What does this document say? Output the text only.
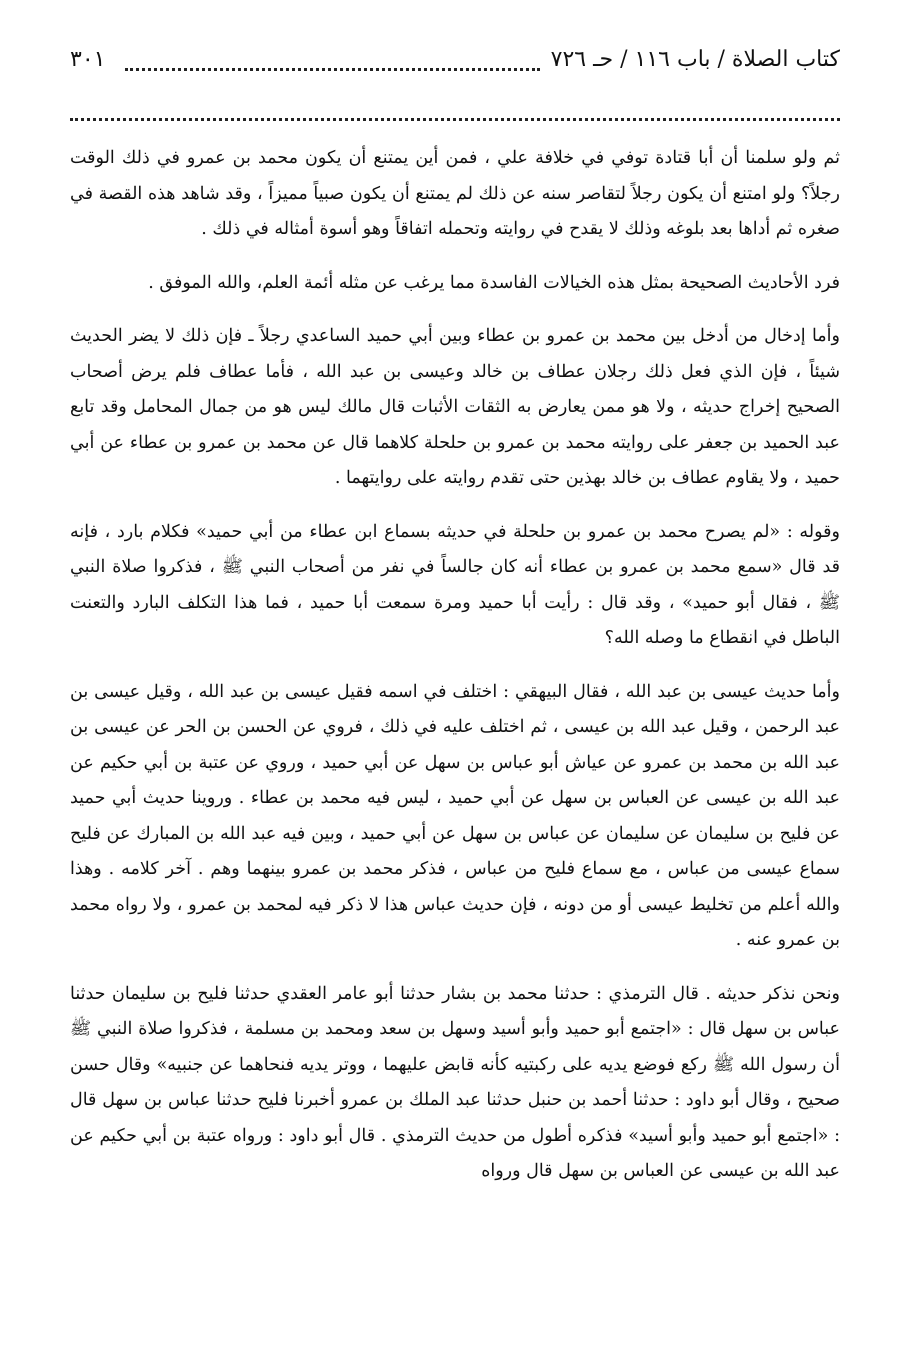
كتاب الصلاة / باب ١١٦ / حـ ٧٢٦
٣٠١

ثم ولو سلمنا أن أبا قتادة توفي في خلافة علي ، فمن أين يمتنع أن يكون محمد بن عمرو في ذلك الوقت رجلاً؟ ولو امتنع أن يكون رجلاً لتقاصر سنه عن ذلك لم يمتنع أن يكون صبياً مميزاً ، وقد شاهد هذه القصة في صغره ثم أداها بعد بلوغه وذلك لا يقدح في روايته وتحمله اتفاقاً وهو أسوة أمثاله في ذلك .

فرد الأحاديث الصحيحة بمثل هذه الخيالات الفاسدة مما يرغب عن مثله أئمة العلم، والله الموفق .

وأما إدخال من أدخل بين محمد بن عمرو بن عطاء وبين أبي حميد الساعدي رجلاً ـ فإن ذلك لا يضر الحديث شيئاً ، فإن الذي فعل ذلك رجلان عطاف بن خالد وعيسى بن عبد الله ، فأما عطاف فلم يرض أصحاب الصحيح إخراج حديثه ، ولا هو ممن يعارض به الثقات الأثبات قال مالك ليس هو من جمال المحامل وقد تابع عبد الحميد بن جعفر على روايته محمد بن عمرو بن حلحلة كلاهما قال عن محمد بن عمرو بن عطاء عن أبي حميد ، ولا يقاوم عطاف بن خالد بهذين حتى تقدم روايته على روايتهما .

وقوله : «لم يصرح محمد بن عمرو بن حلحلة في حديثه بسماع ابن عطاء من أبي حميد» فكلام بارد ، فإنه قد قال «سمع محمد بن عمرو بن عطاء أنه كان جالساً في نفر من أصحاب النبي ﷺ ، فذكروا صلاة النبي ﷺ ، فقال أبو حميد» ، وقد قال : رأيت أبا حميد ومرة سمعت أبا حميد ، فما هذا التكلف البارد والتعنت الباطل في انقطاع ما وصله الله؟

وأما حديث عيسى بن عبد الله ، فقال البيهقي : اختلف في اسمه فقيل عيسى بن عبد الله ، وقيل عيسى بن عبد الرحمن ، وقيل عبد الله بن عيسى ، ثم اختلف عليه في ذلك ، فروي عن الحسن بن الحر عن عيسى بن عبد الله بن محمد بن عمرو عن عياش أبو عباس بن سهل عن أبي حميد ، وروي عن عتبة بن أبي حكيم عن عبد الله بن عيسى عن العباس بن سهل عن أبي حميد ، ليس فيه محمد بن عطاء . وروينا حديث أبي حميد عن فليح بن سليمان عن سليمان عن عباس بن سهل عن أبي حميد ، وبين فيه عبد الله بن المبارك عن فليح سماع عيسى من عباس ، مع سماع فليح من عباس ، فذكر محمد بن عمرو بينهما وهم . آخر كلامه . وهذا والله أعلم من تخليط عيسى أو من دونه ، فإن حديث عباس هذا لا ذكر فيه لمحمد بن عمرو ، ولا رواه محمد بن عمرو عنه .

ونحن نذكر حديثه . قال الترمذي : حدثنا محمد بن بشار حدثنا أبو عامر العقدي حدثنا فليح بن سليمان حدثنا عباس بن سهل قال : «اجتمع أبو حميد وأبو أسيد وسهل بن سعد ومحمد بن مسلمة ، فذكروا صلاة النبي ﷺ أن رسول الله ﷺ ركع فوضع يديه على ركبتيه كأنه قابض عليهما ، ووتر يديه فنحاهما عن جنبيه» وقال حسن صحيح ، وقال أبو داود : حدثنا أحمد بن حنبل حدثنا عبد الملك بن عمرو أخبرنا فليح حدثنا عباس بن سهل قال : «اجتمع أبو حميد وأبو أسيد» فذكره أطول من حديث الترمذي . قال أبو داود : ورواه عتبة بن أبي حكيم عن عبد الله بن عيسى عن العباس بن سهل قال ورواه
